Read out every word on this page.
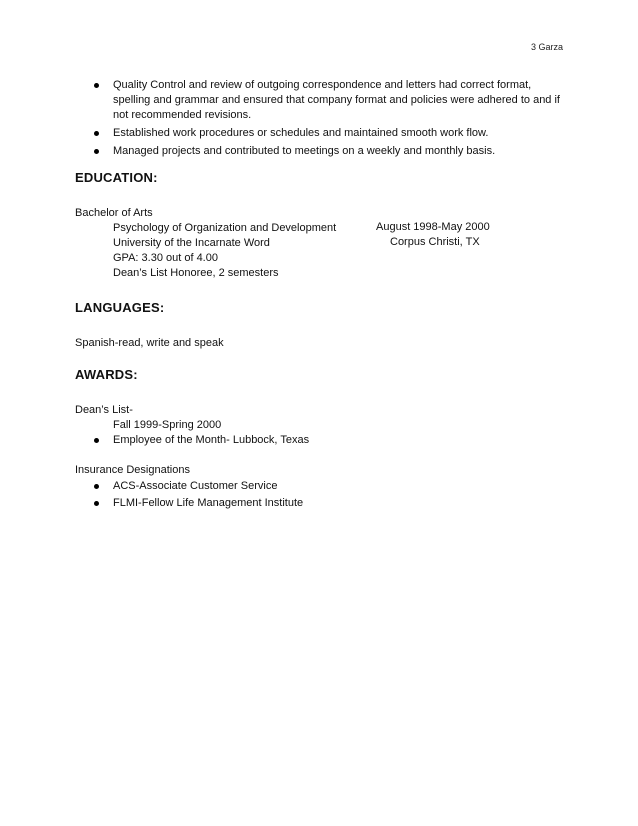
3 Garza
Quality Control and review of outgoing correspondence and letters had correct format, spelling and grammar and ensured that company format and policies were adhered to and if not recommended revisions.
Established work procedures or schedules and maintained smooth work flow.
Managed projects and contributed to meetings on a weekly and monthly basis.
EDUCATION:
Bachelor of Arts
Psychology of Organization and Development	August 1998-May 2000
University of the Incarnate Word	Corpus Christi, TX
GPA: 3.30 out of 4.00
Dean’s List Honoree, 2 semesters
LANGUAGES:
Spanish-read, write and speak
AWARDS:
Dean’s List-
Fall 1999-Spring 2000
Employee of the Month- Lubbock, Texas
Insurance Designations
ACS-Associate Customer Service
FLMI-Fellow Life Management Institute
